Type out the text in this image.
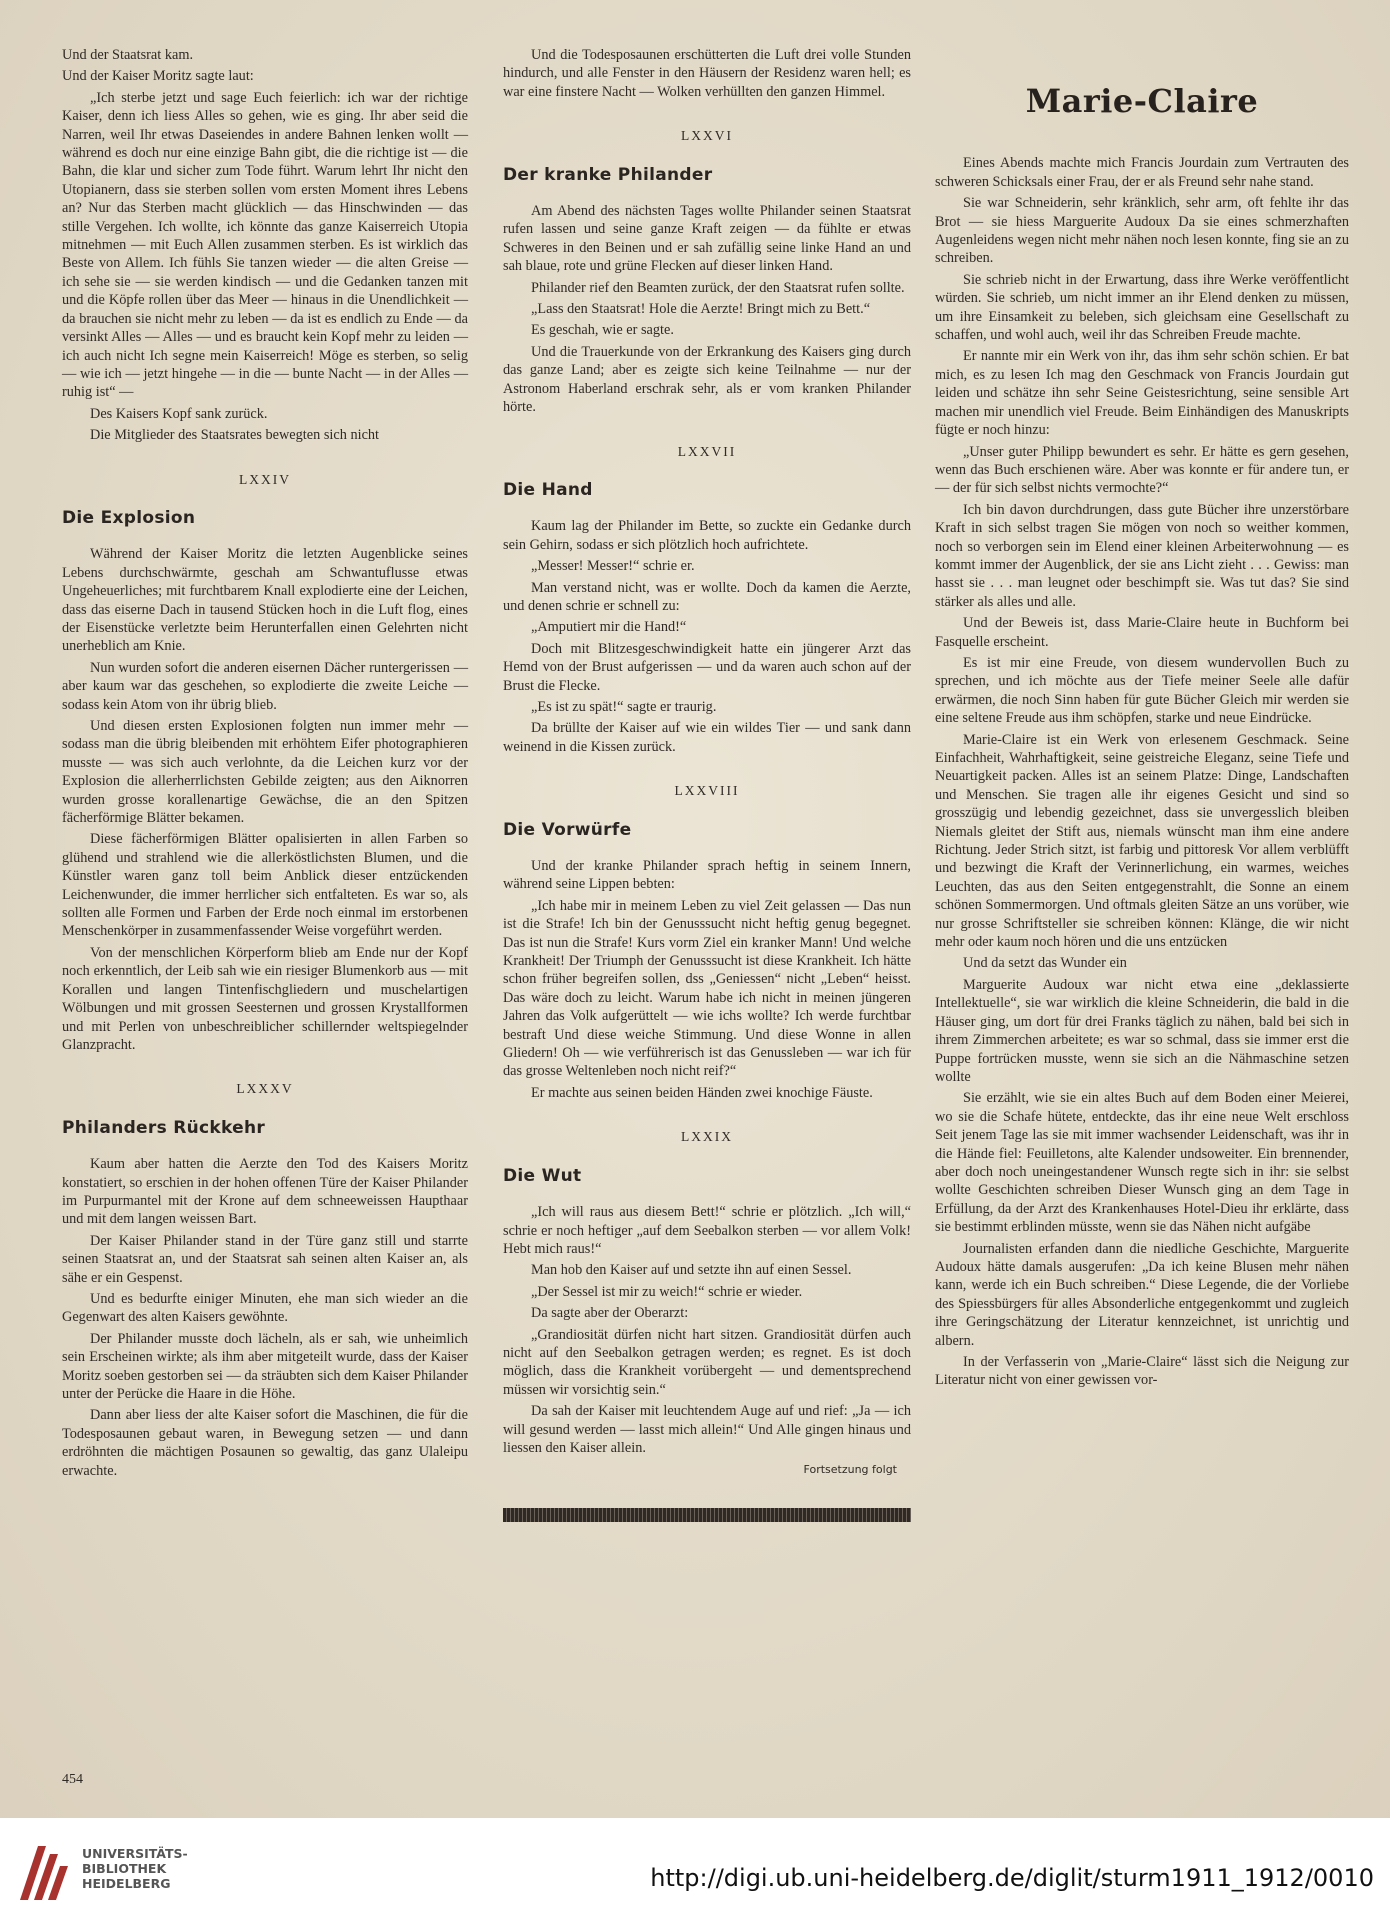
Und der Staatsrat kam.

Und der Kaiser Moritz sagte laut:

„Ich sterbe jetzt und sage Euch feierlich: ich war der richtige Kaiser, denn ich liess Alles so gehen, wie es ging. Ihr aber seid die Narren, weil Ihr etwas Daseiendes in andere Bahnen lenken wollt — während es doch nur eine einzige Bahn gibt, die die richtige ist — die Bahn, die klar und sicher zum Tode führt. Warum lehrt Ihr nicht den Utopianern, dass sie sterben sollen vom ersten Moment ihres Lebens an? Nur das Sterben macht glücklich — das Hinschwinden — das stille Vergehen. Ich wollte, ich könnte das ganze Kaiserreich Utopia mitnehmen — mit Euch Allen zusammen sterben. Es ist wirklich das Beste von Allem. Ich fühls Sie tanzen wieder — die alten Greise — ich sehe sie — sie werden kindisch — und die Gedanken tanzen mit und die Köpfe rollen über das Meer — hinaus in die Unendlichkeit — da brauchen sie nicht mehr zu leben — da ist es endlich zu Ende — da versinkt Alles — Alles — und es braucht kein Kopf mehr zu leiden — ich auch nicht Ich segne mein Kaiserreich! Möge es sterben, so selig — wie ich — jetzt hingehe — in die — bunte Nacht — in der Alles — ruhig ist“ —

Des Kaisers Kopf sank zurück.

Die Mitglieder des Staatsrates bewegten sich nicht

LXXIV
Die Explosion

Während der Kaiser Moritz die letzten Augenblicke seines Lebens durchschwärmte, geschah am Schwantuflusse etwas Ungeheuerliches; mit furchtbarem Knall explodierte eine der Leichen, dass das eiserne Dach in tausend Stücken hoch in die Luft flog, eines der Eisenstücke verletzte beim Herunterfallen einen Gelehrten nicht unerheblich am Knie.

Nun wurden sofort die anderen eisernen Dächer runtergerissen — aber kaum war das geschehen, so explodierte die zweite Leiche — sodass kein Atom von ihr übrig blieb.

Und diesen ersten Explosionen folgten nun immer mehr — sodass man die übrig bleibenden mit erhöhtem Eifer photographieren musste — was sich auch verlohnte, da die Leichen kurz vor der Explosion die allerherrlichsten Gebilde zeigten; aus den Aiknorren wurden grosse korallenartige Gewächse, die an den Spitzen fächerförmige Blätter bekamen.

Diese fächerförmigen Blätter opalisierten in allen Farben so glühend und strahlend wie die allerköstlichsten Blumen, und die Künstler waren ganz toll beim Anblick dieser entzückenden Leichenwunder, die immer herrlicher sich entfalteten. Es war so, als sollten alle Formen und Farben der Erde noch einmal im erstorbenen Menschenkörper in zusammenfassender Weise vorgeführt werden.

Von der menschlichen Körperform blieb am Ende nur der Kopf noch erkenntlich, der Leib sah wie ein riesiger Blumenkorb aus — mit Korallen und langen Tintenfischgliedern und muschelartigen Wölbungen und mit grossen Seesternen und grossen Krystallformen und mit Perlen von unbeschreiblicher schillernder weltspiegelnder Glanzpracht.

LXXXV
Philanders Rückkehr

Kaum aber hatten die Aerzte den Tod des Kaisers Moritz konstatiert, so erschien in der hohen offenen Türe der Kaiser Philander im Purpurmantel mit der Krone auf dem schneeweissen Haupthaar und mit dem langen weissen Bart.

Der Kaiser Philander stand in der Türe ganz still und starrte seinen Staatsrat an, und der Staatsrat sah seinen alten Kaiser an, als sähe er ein Gespenst.

Und es bedurfte einiger Minuten, ehe man sich wieder an die Gegenwart des alten Kaisers gewöhnte.

Der Philander musste doch lächeln, als er sah, wie unheimlich sein Erscheinen wirkte; als ihm aber mitgeteilt wurde, dass der Kaiser Moritz soeben gestorben sei — da sträubten sich dem Kaiser Philander unter der Perücke die Haare in die Höhe.

Dann aber liess der alte Kaiser sofort die Maschinen, die für die Todesposaunen gebaut waren, in Bewegung setzen — und dann erdröhnten die mächtigen Posaunen so gewaltig, das ganz Ulaleipu erwachte.

Und die Todesposaunen erschütterten die Luft drei volle Stunden hindurch, und alle Fenster in den Häusern der Residenz waren hell; es war eine finstere Nacht — Wolken verhüllten den ganzen Himmel.

LXXVI
Der kranke Philander

Am Abend des nächsten Tages wollte Philander seinen Staatsrat rufen lassen und seine ganze Kraft zeigen — da fühlte er etwas Schweres in den Beinen und er sah zufällig seine linke Hand an und sah blaue, rote und grüne Flecken auf dieser linken Hand.

Philander rief den Beamten zurück, der den Staatsrat rufen sollte.

„Lass den Staatsrat! Hole die Aerzte! Bringt mich zu Bett.“

Es geschah, wie er sagte.

Und die Trauerkunde von der Erkrankung des Kaisers ging durch das ganze Land; aber es zeigte sich keine Teilnahme — nur der Astronom Haberland erschrak sehr, als er vom kranken Philander hörte.

LXXVII
Die Hand

Kaum lag der Philander im Bette, so zuckte ein Gedanke durch sein Gehirn, sodass er sich plötzlich hoch aufrichtete.

„Messer! Messer!“ schrie er.

Man verstand nicht, was er wollte. Doch da kamen die Aerzte, und denen schrie er schnell zu:

„Amputiert mir die Hand!“

Doch mit Blitzesgeschwindigkeit hatte ein jüngerer Arzt das Hemd von der Brust aufgerissen — und da waren auch schon auf der Brust die Flecke.

„Es ist zu spät!“ sagte er traurig.

Da brüllte der Kaiser auf wie ein wildes Tier — und sank dann weinend in die Kissen zurück.

LXXVIII
Die Vorwürfe

Und der kranke Philander sprach heftig in seinem Innern, während seine Lippen bebten:

„Ich habe mir in meinem Leben zu viel Zeit gelassen — Das nun ist die Strafe! Ich bin der Genusssucht nicht heftig genug begegnet. Das ist nun die Strafe! Kurs vorm Ziel ein kranker Mann! Und welche Krankheit! Der Triumph der Genusssucht ist diese Krankheit. Ich hätte schon früher begreifen sollen, dss „Geniessen“ nicht „Leben“ heisst. Das wäre doch zu leicht. Warum habe ich nicht in meinen jüngeren Jahren das Volk aufgerüttelt — wie ichs wollte? Ich werde furchtbar bestraft Und diese weiche Stimmung. Und diese Wonne in allen Gliedern! Oh — wie verführerisch ist das Genussleben — war ich für das grosse Weltenleben noch nicht reif?“

Er machte aus seinen beiden Händen zwei knochige Fäuste.

LXXIX
Die Wut

„Ich will raus aus diesem Bett!“ schrie er plötzlich. „Ich will,“ schrie er noch heftiger „auf dem Seebalkon sterben — vor allem Volk! Hebt mich raus!“

Man hob den Kaiser auf und setzte ihn auf einen Sessel.

„Der Sessel ist mir zu weich!“ schrie er wieder.

Da sagte aber der Oberarzt:

„Grandiosität dürfen nicht hart sitzen. Grandiosität dürfen auch nicht auf den Seebalkon getragen werden; es regnet. Es ist doch möglich, dass die Krankheit vorübergeht — und dementsprechend müssen wir vorsichtig sein.“

Da sah der Kaiser mit leuchtendem Auge auf und rief: „Ja — ich will gesund werden — lasst mich allein!“ Und Alle gingen hinaus und liessen den Kaiser allein.

Fortsetzung folgt
Marie-Claire

Eines Abends machte mich Francis Jourdain zum Vertrauten des schweren Schicksals einer Frau, der er als Freund sehr nahe stand.

Sie war Schneiderin, sehr kränklich, sehr arm, oft fehlte ihr das Brot — sie hiess Marguerite Audoux Da sie eines schmerzhaften Augenleidens wegen nicht mehr nähen noch lesen konnte, fing sie an zu schreiben.

Sie schrieb nicht in der Erwartung, dass ihre Werke veröffentlicht würden. Sie schrieb, um nicht immer an ihr Elend denken zu müssen, um ihre Einsamkeit zu beleben, sich gleichsam eine Gesellschaft zu schaffen, und wohl auch, weil ihr das Schreiben Freude machte.

Er nannte mir ein Werk von ihr, das ihm sehr schön schien. Er bat mich, es zu lesen Ich mag den Geschmack von Francis Jourdain gut leiden und schätze ihn sehr Seine Geistesrichtung, seine sensible Art machen mir unendlich viel Freude. Beim Einhändigen des Manuskripts fügte er noch hinzu:

„Unser guter Philipp bewundert es sehr. Er hätte es gern gesehen, wenn das Buch erschienen wäre. Aber was konnte er für andere tun, er — der für sich selbst nichts vermochte?“

Ich bin davon durchdrungen, dass gute Bücher ihre unzerstörbare Kraft in sich selbst tragen Sie mögen von noch so weither kommen, noch so verborgen sein im Elend einer kleinen Arbeiterwohnung — es kommt immer der Augenblick, der sie ans Licht zieht . . . Gewiss: man hasst sie . . . man leugnet oder beschimpft sie. Was tut das? Sie sind stärker als alles und alle.

Und der Beweis ist, dass Marie-Claire heute in Buchform bei Fasquelle erscheint.

Es ist mir eine Freude, von diesem wundervollen Buch zu sprechen, und ich möchte aus der Tiefe meiner Seele alle dafür erwärmen, die noch Sinn haben für gute Bücher Gleich mir werden sie eine seltene Freude aus ihm schöpfen, starke und neue Eindrücke.

Marie-Claire ist ein Werk von erlesenem Geschmack. Seine Einfachheit, Wahrhaftigkeit, seine geistreiche Eleganz, seine Tiefe und Neuartigkeit packen. Alles ist an seinem Platze: Dinge, Landschaften und Menschen. Sie tragen alle ihr eigenes Gesicht und sind so grosszügig und lebendig gezeichnet, dass sie unvergesslich bleiben Niemals gleitet der Stift aus, niemals wünscht man ihm eine andere Richtung. Jeder Strich sitzt, ist farbig und pittoresk Vor allem verblüfft und bezwingt die Kraft der Verinnerlichung, ein warmes, weiches Leuchten, das aus den Seiten entgegenstrahlt, die Sonne an einem schönen Sommermorgen. Und oftmals gleiten Sätze an uns vorüber, wie nur grosse Schriftsteller sie schreiben können: Klänge, die wir nicht mehr oder kaum noch hören und die uns entzücken

Und da setzt das Wunder ein

Marguerite Audoux war nicht etwa eine „deklassierte Intellektuelle“, sie war wirklich die kleine Schneiderin, die bald in die Häuser ging, um dort für drei Franks täglich zu nähen, bald bei sich in ihrem Zimmerchen arbeitete; es war so schmal, dass sie immer erst die Puppe fortrücken musste, wenn sie sich an die Nähmaschine setzen wollte

Sie erzählt, wie sie ein altes Buch auf dem Boden einer Meierei, wo sie die Schafe hütete, entdeckte, das ihr eine neue Welt erschloss Seit jenem Tage las sie mit immer wachsender Leidenschaft, was ihr in die Hände fiel: Feuilletons, alte Kalender undsoweiter. Ein brennender, aber doch noch uneingestandener Wunsch regte sich in ihr: sie selbst wollte Geschichten schreiben Dieser Wunsch ging an dem Tage in Erfüllung, da der Arzt des Krankenhauses Hotel-Dieu ihr erklärte, dass sie bestimmt erblinden müsste, wenn sie das Nähen nicht aufgäbe

Journalisten erfanden dann die niedliche Geschichte, Marguerite Audoux hätte damals ausgerufen: „Da ich keine Blusen mehr nähen kann, werde ich ein Buch schreiben.“ Diese Legende, die der Vorliebe des Spiessbürgers für alles Absonderliche entgegenkommt und zugleich ihre Geringschätzung der Literatur kennzeichnet, ist unrichtig und albern.

In der Verfasserin von „Marie-Claire“ lässt sich die Neigung zur Literatur nicht von einer gewissen vor-

454
UNIVERSITÄTS-
BIBLIOTHEK
HEIDELBERG	http://digi.ub.uni-heidelberg.de/diglit/sturm1911_1912/0010
